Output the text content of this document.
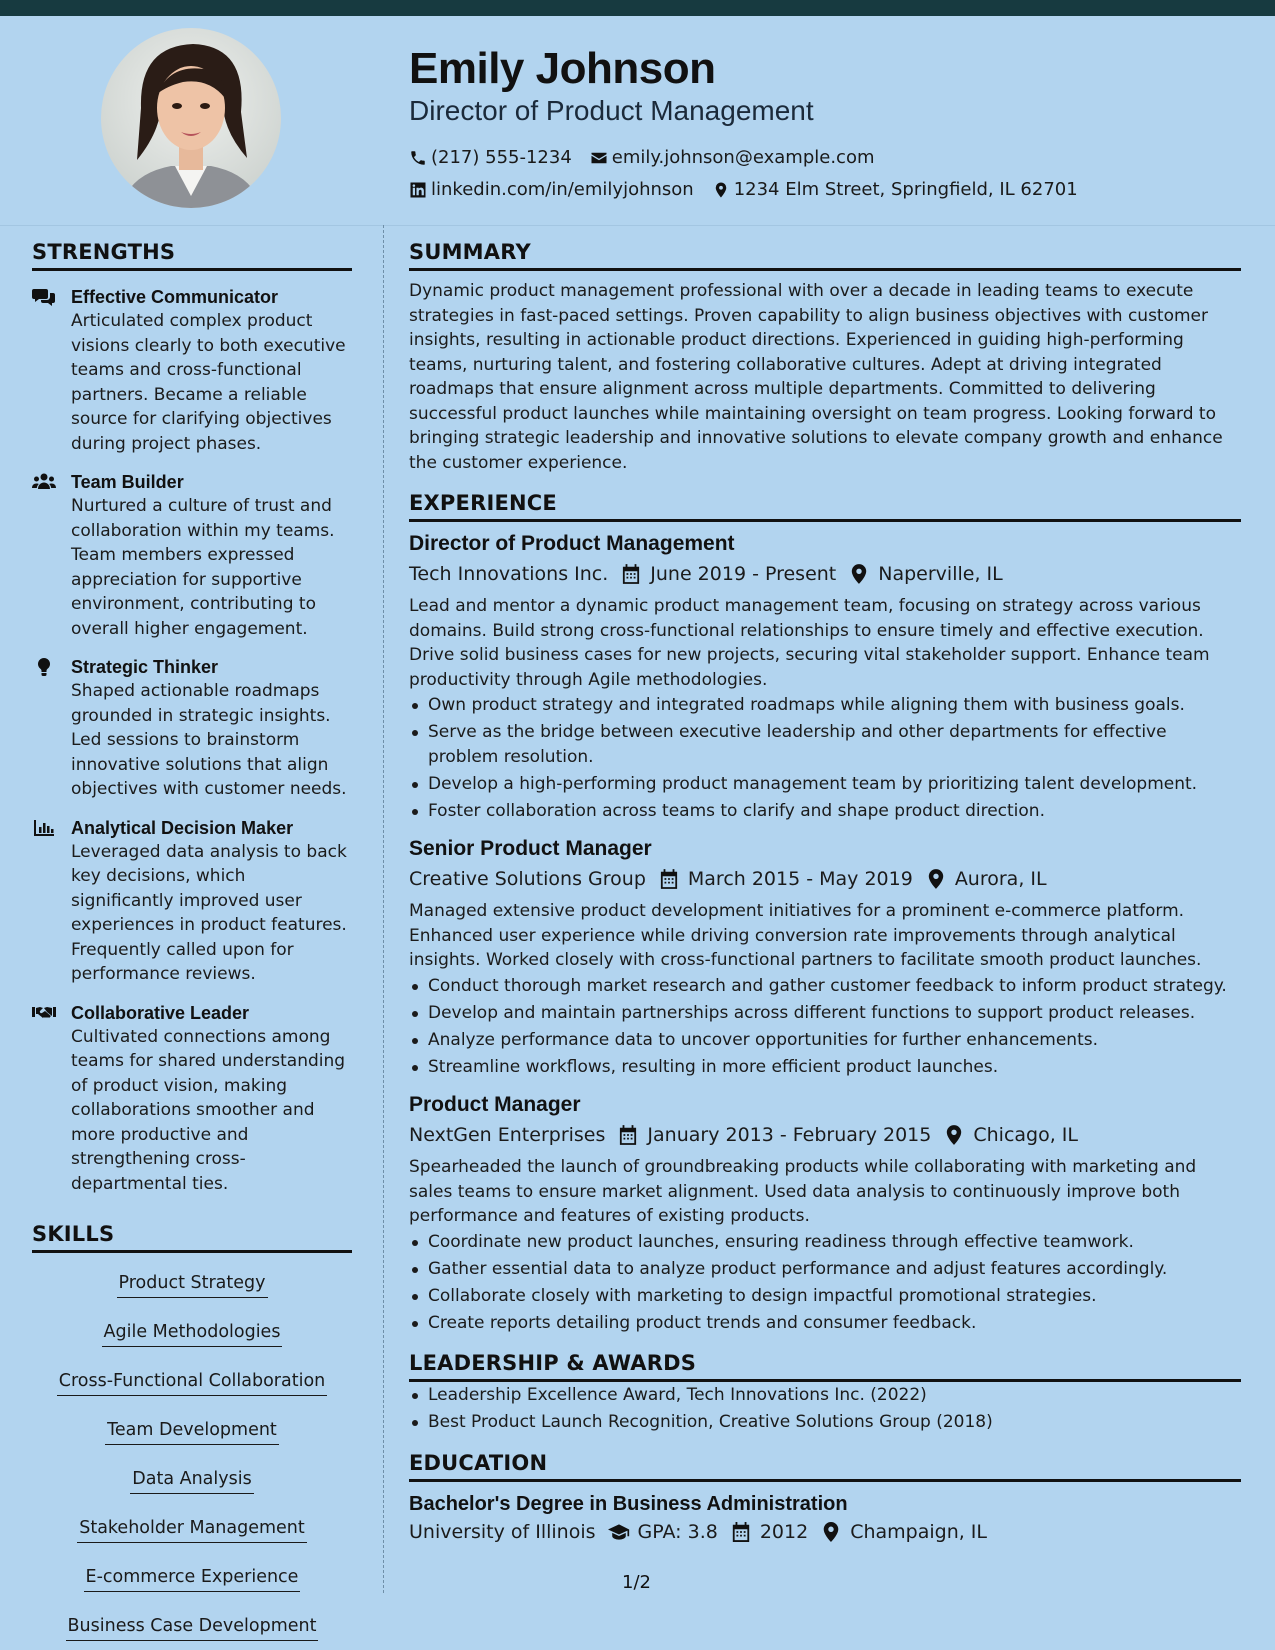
Emily Johnson
Director of Product Management
(217) 555-1234 emily.johnson@example.com
linkedin.com/in/emilyjohnson 1234 Elm Street, Springfield, IL 62701
STRENGTHS
Effective Communicator
Articulated complex product visions clearly to both executive teams and cross-functional partners. Became a reliable source for clarifying objectives during project phases.
Team Builder
Nurtured a culture of trust and collaboration within my teams. Team members expressed appreciation for supportive environment, contributing to overall higher engagement.
Strategic Thinker
Shaped actionable roadmaps grounded in strategic insights. Led sessions to brainstorm innovative solutions that align objectives with customer needs.
Analytical Decision Maker
Leveraged data analysis to back key decisions, which significantly improved user experiences in product features. Frequently called upon for performance reviews.
Collaborative Leader
Cultivated connections among teams for shared understanding of product vision, making collaborations smoother and more productive and strengthening cross-departmental ties.
SKILLS
Product Strategy
Agile Methodologies
Cross-Functional Collaboration
Team Development
Data Analysis
Stakeholder Management
E-commerce Experience
Business Case Development
SUMMARY
Dynamic product management professional with over a decade in leading teams to execute strategies in fast-paced settings. Proven capability to align business objectives with customer insights, resulting in actionable product directions. Experienced in guiding high-performing teams, nurturing talent, and fostering collaborative cultures. Adept at driving integrated roadmaps that ensure alignment across multiple departments. Committed to delivering successful product launches while maintaining oversight on team progress. Looking forward to bringing strategic leadership and innovative solutions to elevate company growth and enhance the customer experience.
EXPERIENCE
Director of Product Management
Tech Innovations Inc. June 2019 - Present Naperville, IL
Lead and mentor a dynamic product management team, focusing on strategy across various domains. Build strong cross-functional relationships to ensure timely and effective execution. Drive solid business cases for new projects, securing vital stakeholder support. Enhance team productivity through Agile methodologies.
Own product strategy and integrated roadmaps while aligning them with business goals.
Serve as the bridge between executive leadership and other departments for effective problem resolution.
Develop a high-performing product management team by prioritizing talent development.
Foster collaboration across teams to clarify and shape product direction.
Senior Product Manager
Creative Solutions Group March 2015 - May 2019 Aurora, IL
Managed extensive product development initiatives for a prominent e-commerce platform. Enhanced user experience while driving conversion rate improvements through analytical insights. Worked closely with cross-functional partners to facilitate smooth product launches.
Conduct thorough market research and gather customer feedback to inform product strategy.
Develop and maintain partnerships across different functions to support product releases.
Analyze performance data to uncover opportunities for further enhancements.
Streamline workflows, resulting in more efficient product launches.
Product Manager
NextGen Enterprises January 2013 - February 2015 Chicago, IL
Spearheaded the launch of groundbreaking products while collaborating with marketing and sales teams to ensure market alignment. Used data analysis to continuously improve both performance and features of existing products.
Coordinate new product launches, ensuring readiness through effective teamwork.
Gather essential data to analyze product performance and adjust features accordingly.
Collaborate closely with marketing to design impactful promotional strategies.
Create reports detailing product trends and consumer feedback.
LEADERSHIP & AWARDS
Leadership Excellence Award, Tech Innovations Inc. (2022)
Best Product Launch Recognition, Creative Solutions Group (2018)
EDUCATION
Bachelor's Degree in Business Administration
University of Illinois GPA: 3.8 2012 Champaign, IL
1/2
